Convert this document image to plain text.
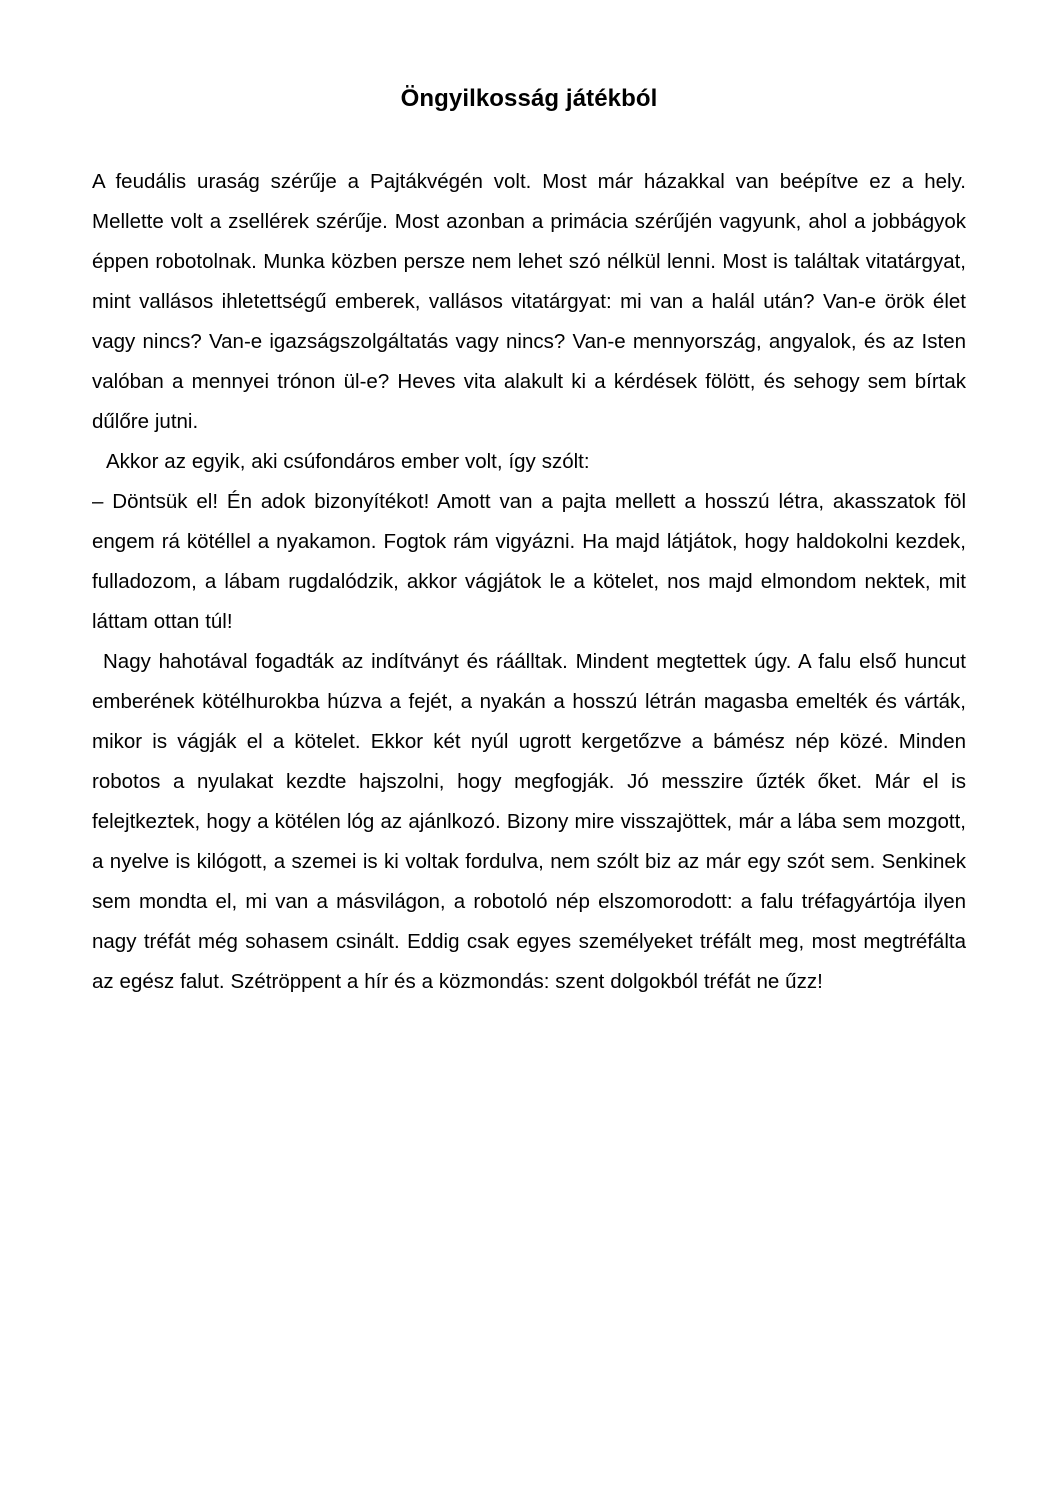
Öngyilkosság játékból

A feudális uraság szérűje a Pajtákvégén volt. Most már házakkal van beépítve ez a hely. Mellette volt a zsellérek szérűje. Most azonban a primácia szérűjén vagyunk, ahol a jobbágyok éppen robotolnak. Munka közben persze nem lehet szó nélkül lenni. Most is találtak vitatárgyat, mint vallásos ihletettségű emberek, vallásos vitatárgyat: mi van a halál után? Van-e örök élet vagy nincs? Van-e igazságszolgáltatás vagy nincs? Van-e mennyország, angyalok, és az Isten valóban a mennyei trónon ül-e? Heves vita alakult ki a kérdések fölött, és sehogy sem bírtak dűlőre jutni.

Akkor az egyik, aki csúfondáros ember volt, így szólt:

– Döntsük el! Én adok bizonyítékot! Amott van a pajta mellett a hosszú létra, akasszatok föl engem rá kötéllel a nyakamon. Fogtok rám vigyázni. Ha majd látjátok, hogy haldokolni kezdek, fulladozom, a lábam rugdalódzik, akkor vágjátok le a kötelet, nos majd elmondom nektek, mit láttam ottan túl!

Nagy hahotával fogadták az indítványt és ráálltak. Mindent megtettek úgy. A falu első huncut emberének kötélhurokba húzva a fejét, a nyakán a hosszú létrán magasba emelték és várták, mikor is vágják el a kötelet. Ekkor két nyúl ugrott kergetőzve a bámész nép közé. Minden robotos a nyulakat kezdte hajszolni, hogy megfogják. Jó messzire űzték őket. Már el is felejtkeztek, hogy a kötélen lóg az ajánlkozó. Bizony mire visszajöttek, már a lába sem mozgott, a nyelve is kilógott, a szemei is ki voltak fordulva, nem szólt biz az már egy szót sem. Senkinek sem mondta el, mi van a másvilágon, a robotoló nép elszomorodott: a falu tréfagyártója ilyen nagy tréfát még sohasem csinált. Eddig csak egyes személyeket tréfált meg, most megtréfálta az egész falut. Szétröppent a hír és a közmondás: szent dolgokból tréfát ne űzz!
